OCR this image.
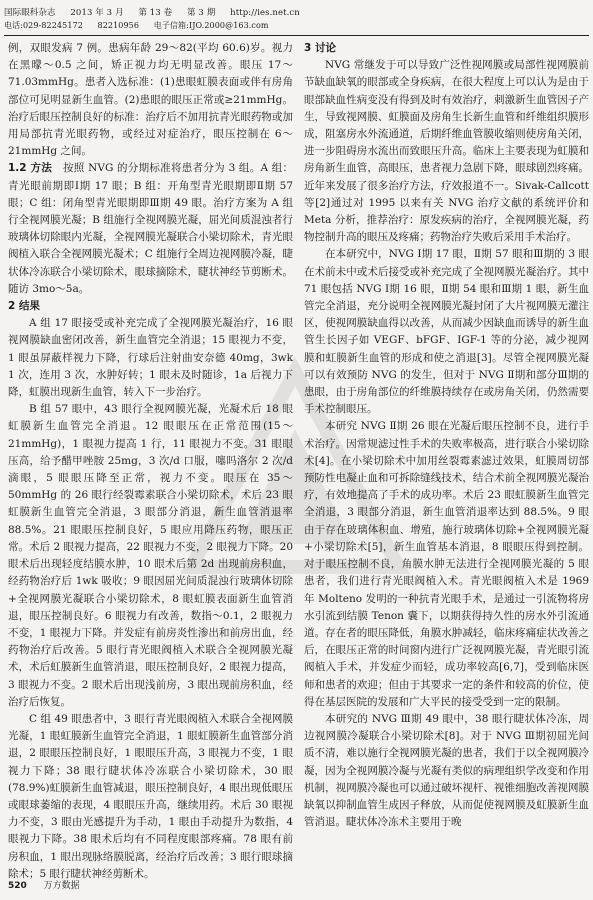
国际眼科杂志 2013 年 3 月 第 13 卷 第 3 期 http://ies.net.cn
电话:029-82245172 82210956 电子信箱:IJO.2000@163.com

例，双眼发病 7 例。患病年龄 29～82(平均 60.6)岁。视力在黑曚～0.5 之间，矫正视力均无明显改善。眼压 17～71.03mmHg。患者入选标准：(1)患眼虹膜表面或伴有房角部位可见明显新生血管。(2)患眼的眼压正常或≥21mmHg。治疗后眼压控制良好的标准：治疗后不加用抗青光眼药物或加用局部抗青光眼药物，或经过对症治疗，眼压控制在 6～21mmHg 之间。

1.2 方法　 按照 NVG 的分期标准将患者分为 3 组。A 组：青光眼前期即Ⅰ期 17 眼；B 组：开角型青光眼期即Ⅱ期 57 眼；C 组：闭角型青光眼期即Ⅲ期 49 眼。治疗方案为 A 组行全视网膜光凝；B 组施行全视网膜光凝，屈光间质混浊者行玻璃体切除眼内光凝，全视网膜光凝联合小梁切除术，青光眼阀植入联合全视网膜光凝术；C 组施行全周边视网膜冷凝，睫状体冷冻联合小梁切除术，眼球摘除术，睫状神经节剪断术。随访 3mo～5a。

2 结果

A 组 17 眼接受或补充完成了全视网膜光凝治疗，16 眼视网膜缺血密闭改善，新生血管完全消退；15 眼视力不变，1 眼虽屏蔽样视力下降，行球后注射曲安奈德 40mg，3wk 1 次，连用 3 次，水肿好转；1 眼未及时随诊，1a 后视力下降，虹膜出现新生血管，转入下一步治疗。

B 组 57 眼中，43 眼行全视网膜光凝，光凝术后 18 眼虹膜新生血管完全消退。12 眼眼压在正常范围(15～21mmHg)，1 眼视力提高 1 行，11 眼视力不变。31 眼眼压高，给予醋甲唑胺 25mg，3 次/d 口服，噻吗洛尔 2 次/d 滴眼，5 眼眼压降至正常，视力不变。眼压在 35～50mmHg 的 26 眼行经裂霉素联合小梁切除术，术后 23 眼虹膜新生血管完全消退，3 眼部分消退，新生血管消退率 88.5%。21 眼眼压控制良好，5 眼应用降压药物，眼压正常。术后 2 眼视力提高，22 眼视力不变，2 眼视力下降。20 眼术后出现轻度结膜水肿，10 眼术后第 2d 出现前房积血，经药物治疗后 1wk 吸收；9 眼因屈光间质混浊行玻璃体切除+全视网膜光凝联合小梁切除术，8 眼虹膜表面新生血管消退，眼压控制良好。6 眼视力有改善，数指～0.1，2 眼视力不变，1 眼视力下降。并发症有前房炎性渗出和前房出血，经药物治疗后改善。5 眼行青光眼阀植入术联合全视网膜光凝术，术后虹膜新生血管消退，眼压控制良好，2 眼视力提高，3 眼视力不变。2 眼术后出现浅前房，3 眼出现前房积血，经治疗后恢复。

C 组 49 眼患者中，3 眼行青光眼阀植入术联合全视网膜光凝，1 眼虹膜新生血管完全消退，1 眼虹膜新生血管部分消退，2 眼眼压控制良好，1 眼眼压升高，3 眼视力不变，1 眼视力下降；38 眼行睫状体冷冻联合小梁切除术，30 眼(78.9%)虹膜新生血管减退，眼压控制良好，4 眼出现低眼压或眼球萎缩的表现，4 眼眼压升高，继续用药。术后 30 眼视力不变，3 眼由光感提升为手动，1 眼由手动提升为数指，4 眼视力下降。38 眼术后均有不同程度眼部疼痛。78 眼有前房积血，1 眼出现脉络膜脱离，经治疗后改善；3 眼行眼球摘除术；5 眼行睫状神经剪断术。

3 讨论

NVG 常继发于可以导致广泛性视网膜或局部性视网膜前节缺血缺氧的眼部或全身疾病，在很大程度上可以认为是由于眼部缺血性病变没有得到及时有效治疗，刺激新生血管因子产生，导致视网膜、虹膜面及房角生长新生血管和纤维组织膜形成，阻塞房水外流通道，后期纤维血管膜收缩则使房角关闭，进一步阻碍房水流出而致眼压升高。临床上主要表现为虹膜和房角新生血管，高眼压，患者视力急剧下降，眼球剧烈疼痛。近年来发展了很多治疗方法，疗效报道不一。Sivak-Callcott 等[2]通过对 1995 以来有关 NVG 治疗文献的系统评价和 Meta 分析，推荐治疗：原发疾病的治疗，全视网膜光凝，药物控制升高的眼压及疼痛；药物治疗失败后采用手术治疗。

在本研究中，NVG Ⅰ期 17 眼，Ⅱ期 57 眼和Ⅲ期的 3 眼在术前未中或术后接受或补充完成了全视网膜光凝治疗。其中 71 眼包括 NVG Ⅰ期 16 眼，Ⅱ期 54 眼和Ⅲ期 1 眼，新生血管完全消退，充分说明全视网膜光凝封闭了大片视网膜无灌注区，使视网膜缺血得以改善，从而减少因缺血而诱导的新生血管生长因子如 VEGF、bFGF、IGF-1 等的分泌，减少视网膜和虹膜新生血管的形成和使之消退[3]。尽管全视网膜光凝可以有效预防 NVG 的发生，但对于 NVG Ⅱ期和部分Ⅲ期的患眼，由于房角部位的纤维膜持续存在或房角关闭，仍然需要手术控制眼压。

本研究 NVG Ⅱ期 26 眼在光凝后眼压控制不良，进行手术治疗。因常规滤过性手术的失败率极高，进行联合小梁切除术[4]。在小梁切除术中加用丝裂霉素滤过效果，虹膜周切部预防性电凝止血和可拆除缝线技术，结合术前全视网膜光凝治疗，有效地提高了手术的成功率。术后 23 眼虹膜新生血管完全消退，3 眼部分消退，新生血管消退率达到 88.5%。9 眼由于存在玻璃体积血、增殖，施行玻璃体切除+全视网膜光凝+小梁切除术[5]，新生血管基本消退，8 眼眼压得到控制。对于眼压控制不良，角膜水肿无法进行全视网膜光凝的 5 眼患者，我们进行青光眼阀植入术。青光眼阀植入术是 1969 年 Molteno 发明的一种抗青光眼手术，是通过一引流物将房水引流到结膜 Tenon 囊下，以期获得持久性的房水外引流通道。存在者的眼压降低，角膜水肿减轻，临床疼痛症状改善之后，在眼压正常的时间窗内进行广泛视网膜光凝，青光眼引流阀植入手术，并发症少而轻，成功率较高[6,7]，受到临床医师和患者的欢迎；但由于其要求一定的条件和较高的价位，使得在基层医院的发展和广大平民的接受受到一定的限制。

本研究的 NVG Ⅲ期 49 眼中，38 眼行睫状体冷冻，周边视网膜冷凝联合小梁切除术[8]。对于 NVG Ⅲ期初屈光间质不清，难以施行全视网膜光凝的患者，我们于以全视网膜冷凝，因为全视网膜冷凝与光凝有类似的病理组织学改变和作用机制，视网膜冷凝也可以通过破坏视杆、视锥细胞改善视网膜缺氧以抑制血管生成因子释放，从而促使视网膜及虹膜新生血管消退。睫状体冷冻术主要用于晚

520 万方数据
